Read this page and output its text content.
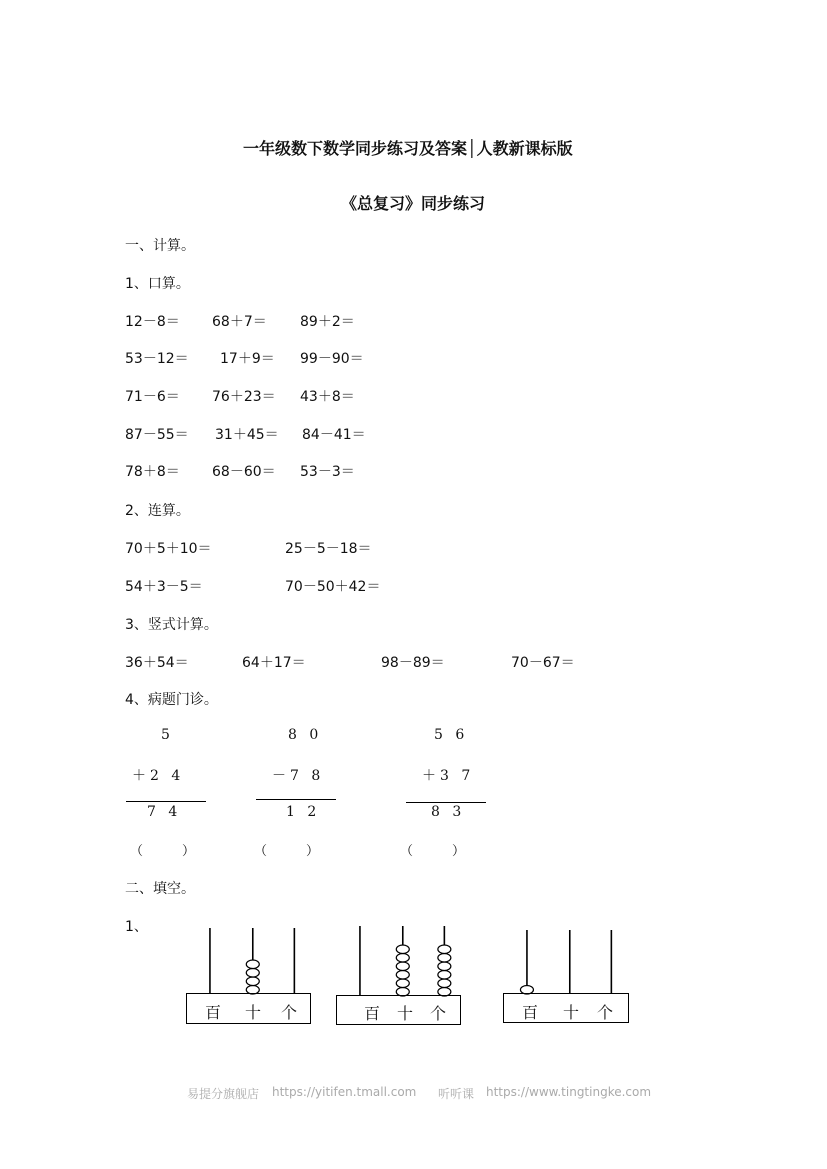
一年级数下数学同步练习及答案│人教新课标版
《总复习》同步练习
一、计算。
1、口算。
12－8＝ 68＋7＝ 89＋2＝
53－12＝ 17＋9＝ 99－90＝
71－6＝ 76＋23＝ 43＋8＝
87－55＝ 31＋45＝ 84－41＝
78＋8＝ 68－60＝ 53－3＝
2、连算。
70＋5＋10＝	25－5－18＝
54＋3－5＝	70－50＋42＝
3、竖式计算。
36＋54＝	64＋17＝	98－89＝	70－67＝
4、病题门诊。
5
＋2 4
7 4
（　　　）
8 0
－7 8
1 2
（　　　）
5 6
＋3 7
8 3
（　　　）
二、填空。
1、
百 十 个	百 十 个	百 十 个
易提分旗舰店 https://yitifen.tmall.com 听听课 https://www.tingtingke.com
